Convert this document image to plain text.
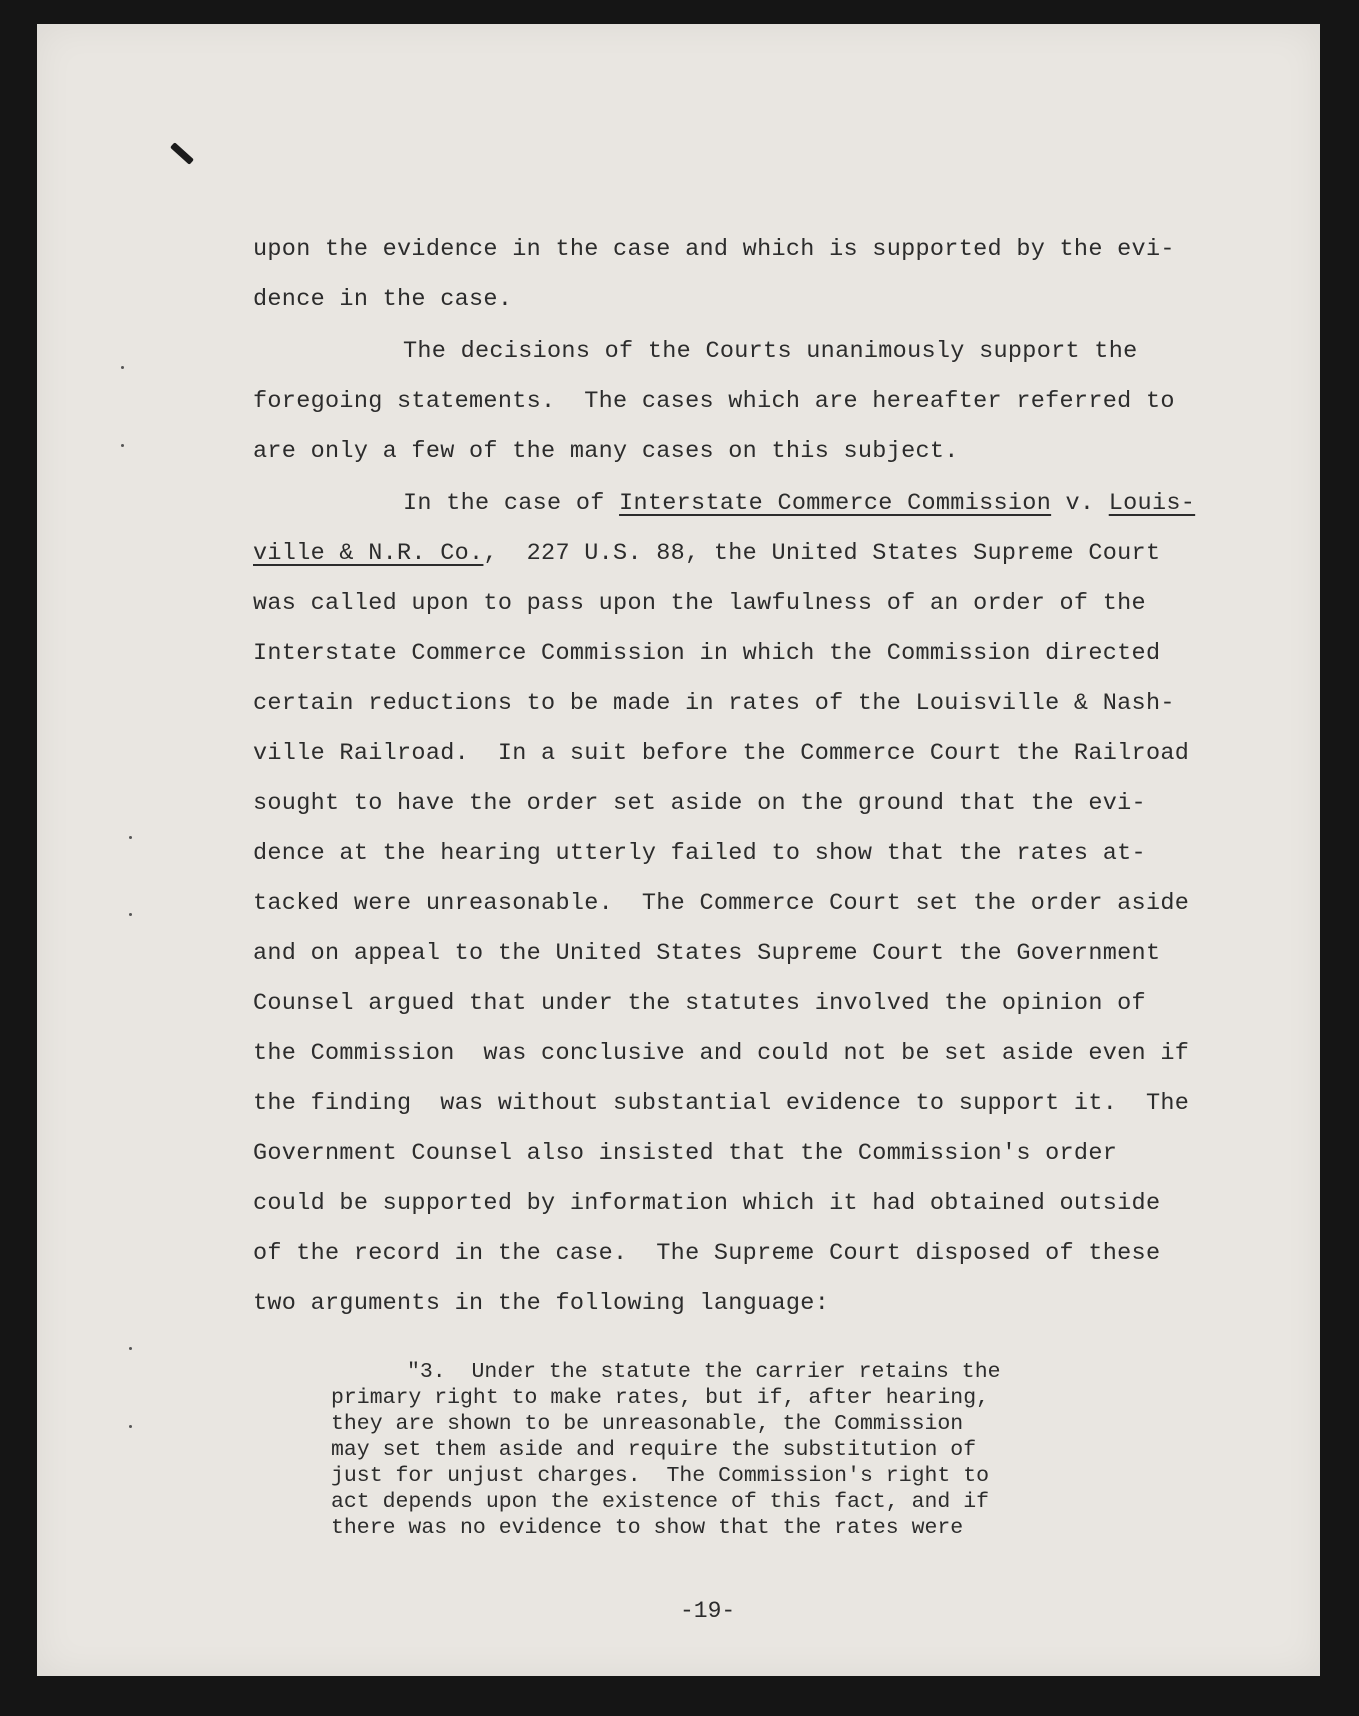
upon the evidence in the case and which is supported by the evi-
dence in the case.
The decisions of the Courts unanimously support the
foregoing statements.  The cases which are hereafter referred to
are only a few of the many cases on this subject.
In the case of Interstate Commerce Commission v. Louis-
ville & N.R. Co.,  227 U.S. 88, the United States Supreme Court
was called upon to pass upon the lawfulness of an order of the
Interstate Commerce Commission in which the Commission directed
certain reductions to be made in rates of the Louisville & Nash-
ville Railroad.  In a suit before the Commerce Court the Railroad
sought to have the order set aside on the ground that the evi-
dence at the hearing utterly failed to show that the rates at-
tacked were unreasonable.  The Commerce Court set the order aside
and on appeal to the United States Supreme Court the Government
Counsel argued that under the statutes involved the opinion of
the Commission  was conclusive and could not be set aside even if
the finding  was without substantial evidence to support it.  The
Government Counsel also insisted that the Commission's order
could be supported by information which it had obtained outside
of the record in the case.  The Supreme Court disposed of these
two arguments in the following language:
"3.  Under the statute the carrier retains the
primary right to make rates, but if, after hearing,
they are shown to be unreasonable, the Commission
may set them aside and require the substitution of
just for unjust charges.  The Commission's right to
act depends upon the existence of this fact, and if
there was no evidence to show that the rates were
-19-
